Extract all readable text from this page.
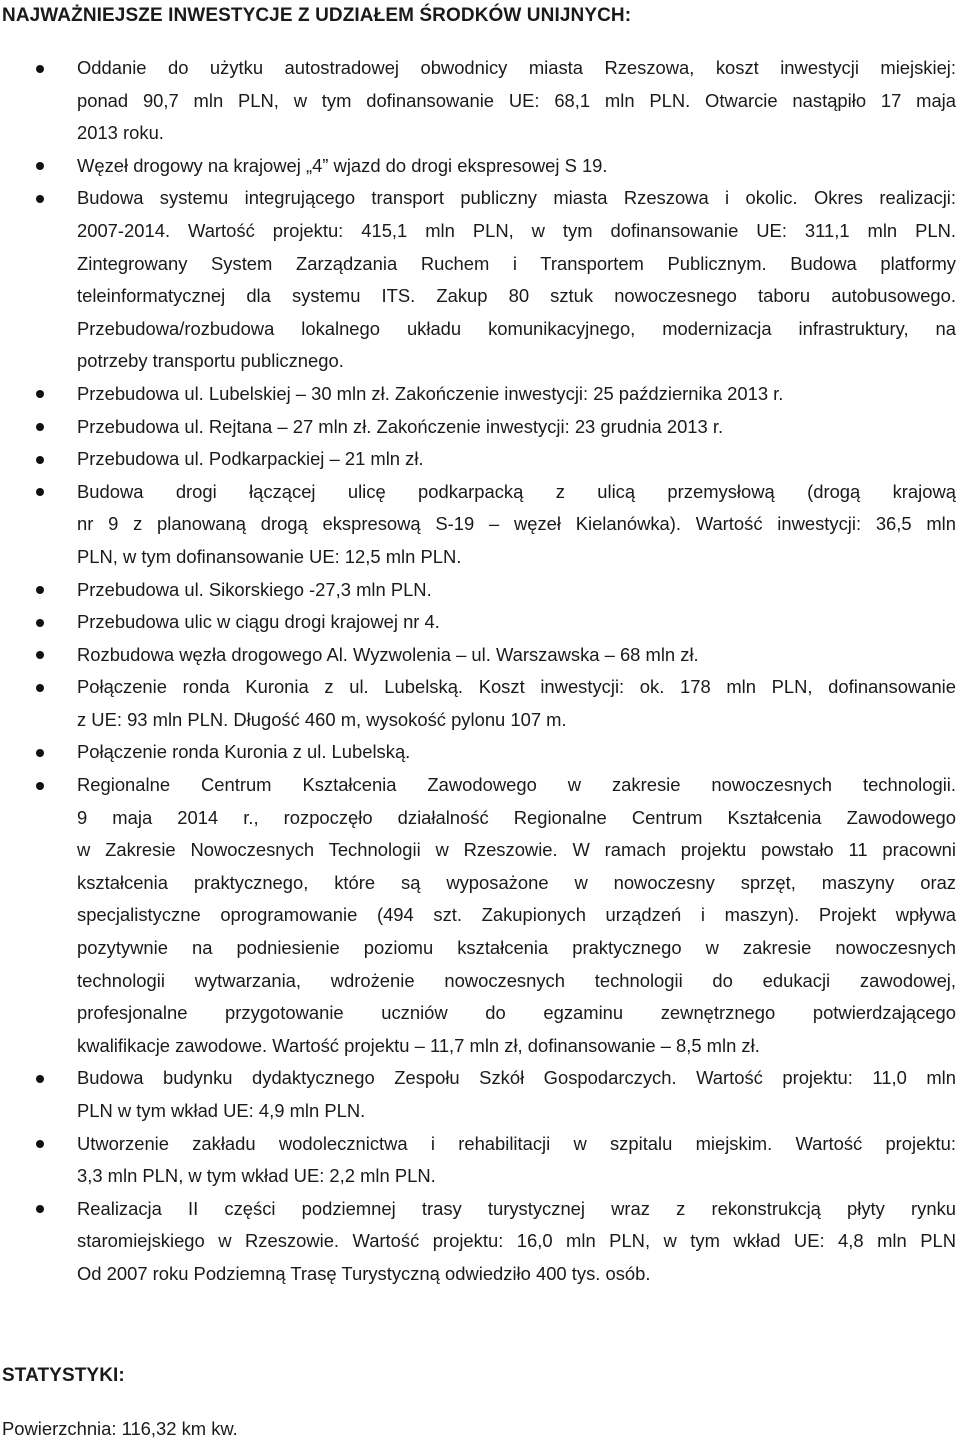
NAJWAŻNIEJSZE INWESTYCJE Z UDZIAŁEM ŚRODKÓW UNIJNYCH:
Oddanie do użytku autostradowej obwodnicy miasta Rzeszowa, koszt inwestycji miejskiej:
ponad 90,7 mln PLN, w tym dofinansowanie UE: 68,1 mln PLN. Otwarcie nastąpiło 17 maja
2013 roku.
Węzeł drogowy na krajowej „4” wjazd do drogi ekspresowej S 19.
Budowa systemu integrującego transport publiczny miasta Rzeszowa i okolic. Okres realizacji:
2007-2014. Wartość projektu: 415,1 mln PLN, w tym dofinansowanie UE: 311,1 mln PLN.
Zintegrowany System Zarządzania Ruchem i Transportem Publicznym. Budowa platformy
teleinformatycznej dla systemu ITS. Zakup 80 sztuk nowoczesnego taboru autobusowego.
Przebudowa/rozbudowa lokalnego układu komunikacyjnego, modernizacja infrastruktury, na
potrzeby transportu publicznego.
Przebudowa ul. Lubelskiej – 30 mln zł. Zakończenie inwestycji: 25 października 2013 r.
Przebudowa ul. Rejtana – 27 mln zł. Zakończenie inwestycji: 23 grudnia 2013 r.
Przebudowa ul. Podkarpackiej – 21 mln zł.
Budowa drogi łączącej ulicę podkarpacką z ulicą przemysłową (drogą krajową
nr 9 z planowaną drogą ekspresową S-19 – węzeł Kielanówka). Wartość inwestycji: 36,5 mln
PLN, w tym dofinansowanie UE: 12,5 mln PLN.
Przebudowa ul. Sikorskiego -27,3 mln PLN.
Przebudowa ulic w ciągu drogi krajowej nr 4.
Rozbudowa węzła drogowego Al. Wyzwolenia – ul. Warszawska – 68 mln zł.
Połączenie ronda Kuronia z ul. Lubelską. Koszt inwestycji: ok. 178 mln PLN, dofinansowanie
z UE: 93 mln PLN. Długość 460 m, wysokość pylonu 107 m.
Połączenie ronda Kuronia z ul. Lubelską.
Regionalne Centrum Kształcenia Zawodowego w zakresie nowoczesnych technologii.
9 maja 2014 r., rozpoczęło działalność Regionalne Centrum Kształcenia Zawodowego
w Zakresie Nowoczesnych Technologii w Rzeszowie. W ramach projektu powstało 11 pracowni
kształcenia praktycznego, które są wyposażone w nowoczesny sprzęt, maszyny oraz
specjalistyczne oprogramowanie (494 szt. Zakupionych urządzeń i maszyn). Projekt wpływa
pozytywnie na podniesienie poziomu kształcenia praktycznego w zakresie nowoczesnych
technologii wytwarzania, wdrożenie nowoczesnych technologii do edukacji zawodowej,
profesjonalne przygotowanie uczniów do egzaminu zewnętrznego potwierdzającego
kwalifikacje zawodowe. Wartość projektu – 11,7 mln zł, dofinansowanie – 8,5 mln zł.
Budowa budynku dydaktycznego Zespołu Szkół Gospodarczych. Wartość projektu: 11,0 mln
PLN w tym wkład UE: 4,9 mln PLN.
Utworzenie zakładu wodolecznictwa i rehabilitacji w szpitalu miejskim. Wartość projektu:
3,3 mln PLN, w tym wkład UE: 2,2 mln PLN.
Realizacja II części podziemnej trasy turystycznej wraz z rekonstrukcją płyty rynku
staromiejskiego w Rzeszowie. Wartość projektu: 16,0 mln PLN, w tym wkład UE: 4,8 mln PLN
Od 2007 roku Podziemną Trasę Turystyczną odwiedziło 400 tys. osób.
STATYSTYKI:
Powierzchnia: 116,32 km kw.
